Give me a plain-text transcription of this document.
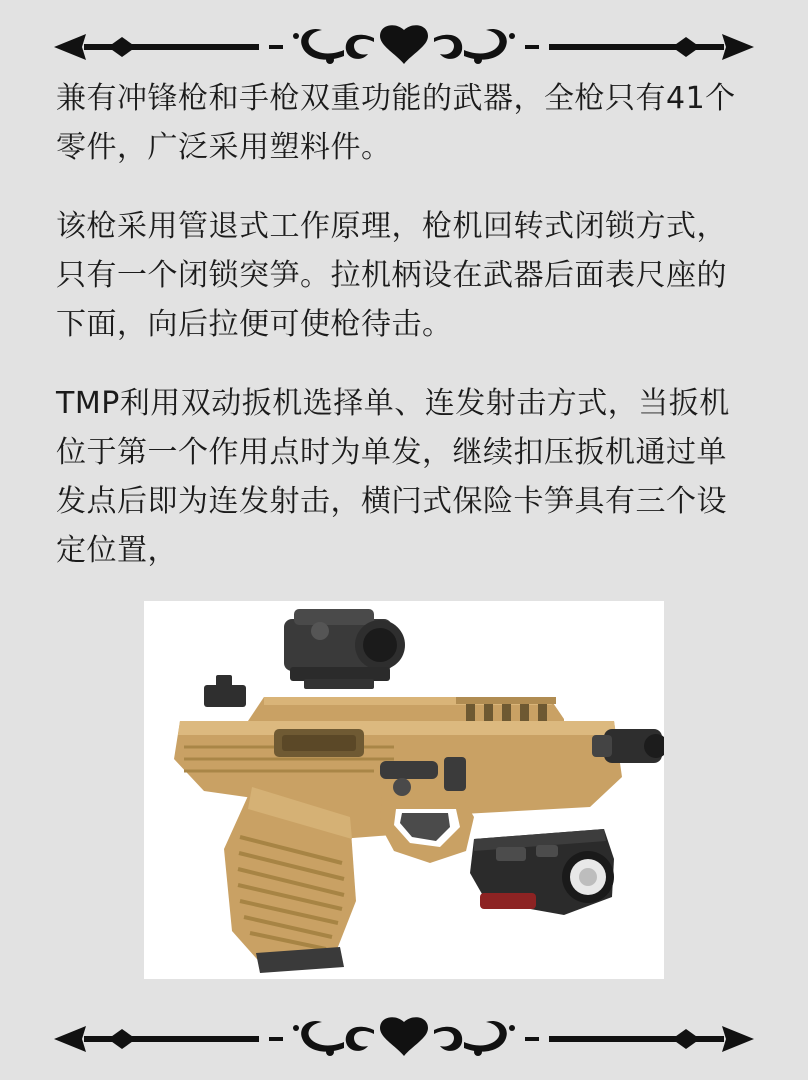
兼有冲锋枪和手枪双重功能的武器，全枪只有41个零件，广泛采用塑料件。

该枪采用管退式工作原理，枪机回转式闭锁方式，只有一个闭锁突笋。拉机柄设在武器后面表尺座的下面，向后拉便可使枪待击。

TMP利用双动扳机选择单、连发射击方式，当扳机位于第一个作用点时为单发，继续扣压扳机通过单发点后即为连发射击，横闩式保险卡笋具有三个设定位置，
